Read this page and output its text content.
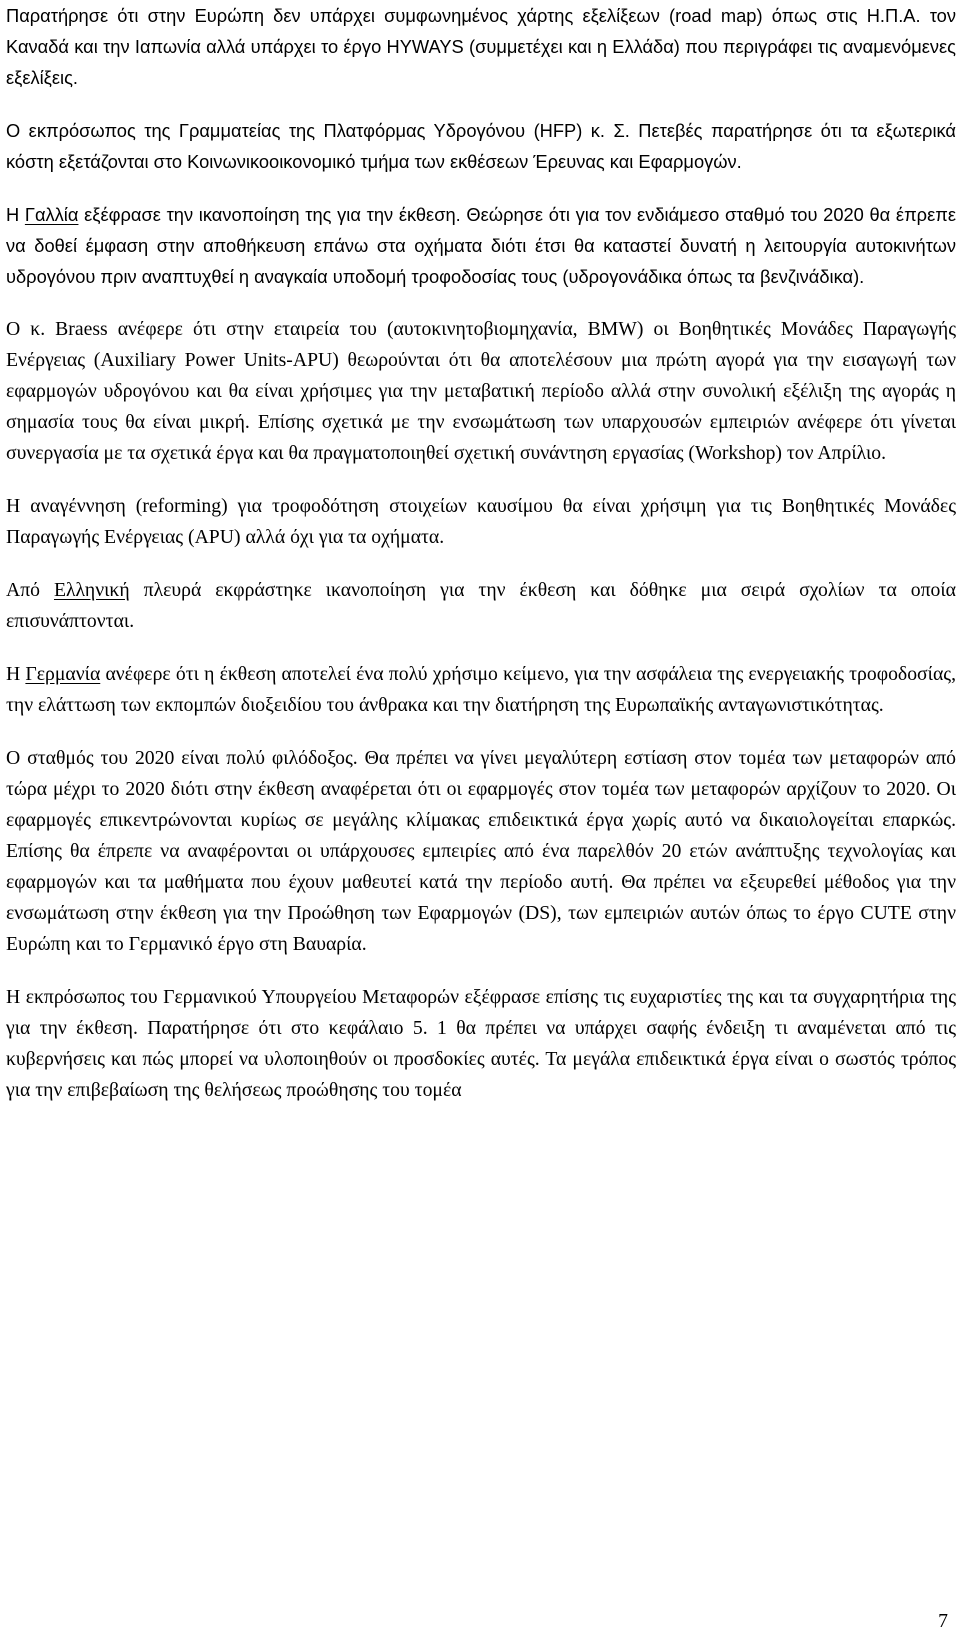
Παρατήρησε ότι στην Ευρώπη δεν υπάρχει συμφωνημένος χάρτης εξελίξεων (road map) όπως στις Η.Π.Α. τον Καναδά και την Ιαπωνία αλλά υπάρχει το έργο HYWAYS (συμμετέχει και η Ελλάδα) που περιγράφει τις αναμενόμενες εξελίξεις.

Ο εκπρόσωπος της Γραμματείας της Πλατφόρμας Υδρογόνου (HFP) κ. Σ. Πετεβές παρατήρησε ότι τα εξωτερικά κόστη εξετάζονται στο Κοινωνικοοικονομικό τμήμα των εκθέσεων Έρευνας και Εφαρμογών.

Η Γαλλία εξέφρασε την ικανοποίηση της για την έκθεση. Θεώρησε ότι για τον ενδιάμεσο σταθμό του 2020 θα έπρεπε να δοθεί έμφαση στην αποθήκευση επάνω στα οχήματα διότι έτσι θα καταστεί δυνατή η λειτουργία αυτοκινήτων υδρογόνου πριν αναπτυχθεί η αναγκαία υποδομή τροφοδοσίας τους (υδρογονάδικα όπως τα βενζινάδικα).

Ο κ. Braess ανέφερε ότι στην εταιρεία του (αυτοκινητοβιομηχανία, BMW) οι Βοηθητικές Μονάδες Παραγωγής Ενέργειας (Auxiliary Power Units-APU) θεωρούνται ότι θα αποτελέσουν μια πρώτη αγορά για την εισαγωγή των εφαρμογών υδρογόνου και θα είναι χρήσιμες για την μεταβατική περίοδο αλλά στην συνολική εξέλιξη της αγοράς η σημασία τους θα είναι μικρή. Επίσης σχετικά με την ενσωμάτωση των υπαρχουσών εμπειριών ανέφερε ότι γίνεται συνεργασία με τα σχετικά έργα και θα πραγματοποιηθεί σχετική συνάντηση εργασίας (Workshop) τον Απρίλιο.

Η αναγέννηση (reforming) για τροφοδότηση στοιχείων καυσίμου θα είναι χρήσιμη για τις Βοηθητικές Μονάδες Παραγωγής Ενέργειας (APU) αλλά όχι για τα οχήματα.

Από Ελληνική πλευρά εκφράστηκε ικανοποίηση για την έκθεση και δόθηκε μια σειρά σχολίων τα οποία επισυνάπτονται.

Η Γερμανία ανέφερε ότι η έκθεση αποτελεί ένα πολύ χρήσιμο κείμενο, για την ασφάλεια της ενεργειακής τροφοδοσίας, την ελάττωση των εκπομπών διοξειδίου του άνθρακα και την διατήρηση της Ευρωπαϊκής ανταγωνιστικότητας.

Ο σταθμός του 2020 είναι πολύ φιλόδοξος. Θα πρέπει να γίνει μεγαλύτερη εστίαση στον τομέα των μεταφορών από τώρα μέχρι το 2020 διότι στην έκθεση αναφέρεται ότι οι εφαρμογές στον τομέα των μεταφορών αρχίζουν το 2020. Οι εφαρμογές επικεντρώνονται κυρίως σε μεγάλης κλίμακας επιδεικτικά έργα χωρίς αυτό να δικαιολογείται επαρκώς. Επίσης θα έπρεπε να αναφέρονται οι υπάρχουσες εμπειρίες από ένα παρελθόν 20 ετών ανάπτυξης τεχνολογίας και εφαρμογών και τα μαθήματα που έχουν μαθευτεί κατά την περίοδο αυτή. Θα πρέπει να εξευρεθεί μέθοδος για την ενσωμάτωση στην έκθεση για την Προώθηση των Εφαρμογών (DS), των εμπειριών αυτών όπως το έργο CUTE στην Ευρώπη και το Γερμανικό έργο στη Βαυαρία.

Η εκπρόσωπος του Γερμανικού Υπουργείου Μεταφορών εξέφρασε επίσης τις ευχαριστίες της και τα συγχαρητήρια της για την έκθεση. Παρατήρησε ότι στο κεφάλαιο 5. 1 θα πρέπει να υπάρχει σαφής ένδειξη τι αναμένεται από τις κυβερνήσεις και πώς μπορεί να υλοποιηθούν οι προσδοκίες αυτές. Τα μεγάλα επιδεικτικά έργα είναι ο σωστός τρόπος για την επιβεβαίωση της θελήσεως προώθησης του τομέα

7
